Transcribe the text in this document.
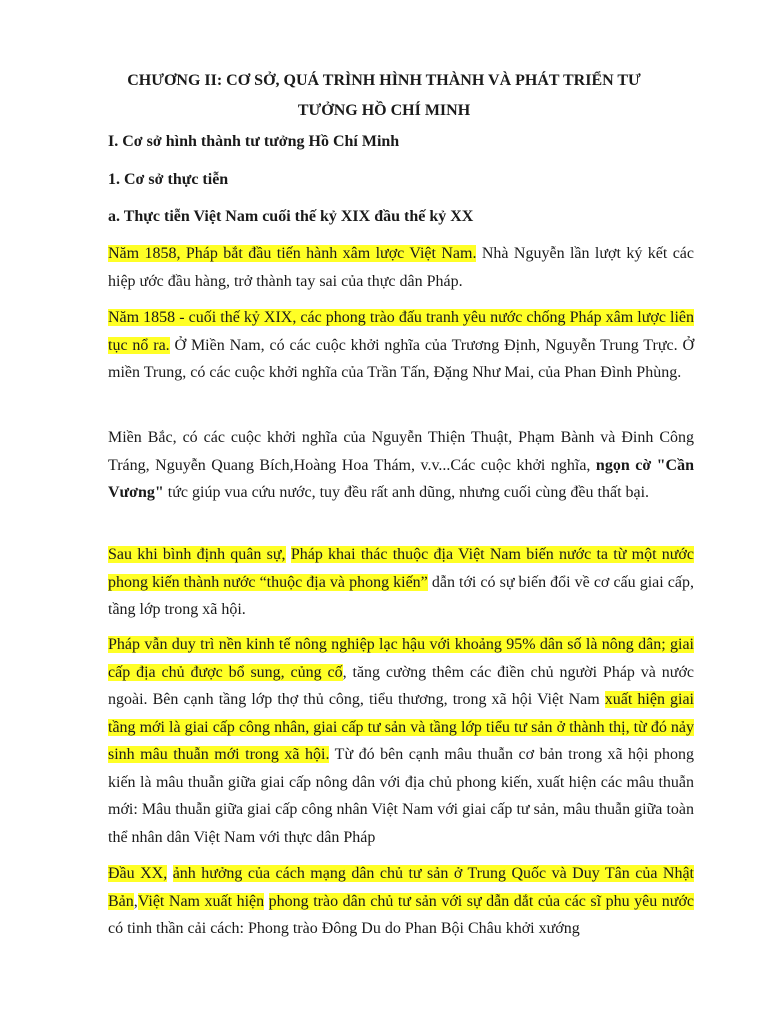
CHƯƠNG II: CƠ SỞ, QUÁ TRÌNH HÌNH THÀNH VÀ PHÁT TRIỂN TƯ
TƯỞNG HỒ CHÍ MINH
I. Cơ sở hình thành tư tưởng Hồ Chí Minh
1. Cơ sở thực tiễn
a. Thực tiễn Việt Nam cuối thế kỷ XIX đầu thế kỷ XX
Năm 1858, Pháp bắt đầu tiến hành xâm lược Việt Nam. Nhà Nguyễn lần lượt ký kết các hiệp ước đầu hàng, trở thành tay sai của thực dân Pháp.
Năm 1858 - cuối thế kỷ XIX, các phong trào đấu tranh yêu nước chống Pháp xâm lược liên tục nổ ra. Ở Miền Nam, có các cuộc khởi nghĩa của Trương Định, Nguyễn Trung Trực. Ở miền Trung, có các cuộc khởi nghĩa của Trần Tấn, Đặng Như Mai, của Phan Đình Phùng.
Miền Bắc, có các cuộc khởi nghĩa của Nguyễn Thiện Thuật, Phạm Bành và Đinh Công Tráng, Nguyễn Quang Bích,Hoàng Hoa Thám, v.v...Các cuộc khởi nghĩa, ngọn cờ "Cần Vương" tức giúp vua cứu nước, tuy đều rất anh dũng, nhưng cuối cùng đều thất bại.
Sau khi bình định quân sự, Pháp khai thác thuộc địa Việt Nam biến nước ta từ một nước phong kiến thành nước “thuộc địa và phong kiến” dẫn tới có sự biến đổi về cơ cấu giai cấp, tầng lớp trong xã hội.
Pháp vẫn duy trì nền kinh tế nông nghiệp lạc hậu với khoảng 95% dân số là nông dân; giai cấp địa chủ được bổ sung, củng cố, tăng cường thêm các điền chủ người Pháp và nước ngoài. Bên cạnh tầng lớp thợ thủ công, tiểu thương, trong xã hội Việt Nam xuất hiện giai tầng mới là giai cấp công nhân, giai cấp tư sản và tầng lớp tiểu tư sản ở thành thị, từ đó nảy sinh mâu thuẫn mới trong xã hội. Từ đó bên cạnh mâu thuẫn cơ bản trong xã hội phong kiến là mâu thuẫn giữa giai cấp nông dân với địa chủ phong kiến, xuất hiện các mâu thuẫn mới: Mâu thuẫn giữa giai cấp công nhân Việt Nam với giai cấp tư sản, mâu thuẫn giữa toàn thể nhân dân Việt Nam với thực dân Pháp
Đầu XX, ảnh hưởng của cách mạng dân chủ tư sản ở Trung Quốc và Duy Tân của Nhật Bản,Việt Nam xuất hiện phong trào dân chủ tư sản với sự dẫn dắt của các sĩ phu yêu nước có tinh thần cải cách: Phong trào Đông Du do Phan Bội Châu khởi xướng
